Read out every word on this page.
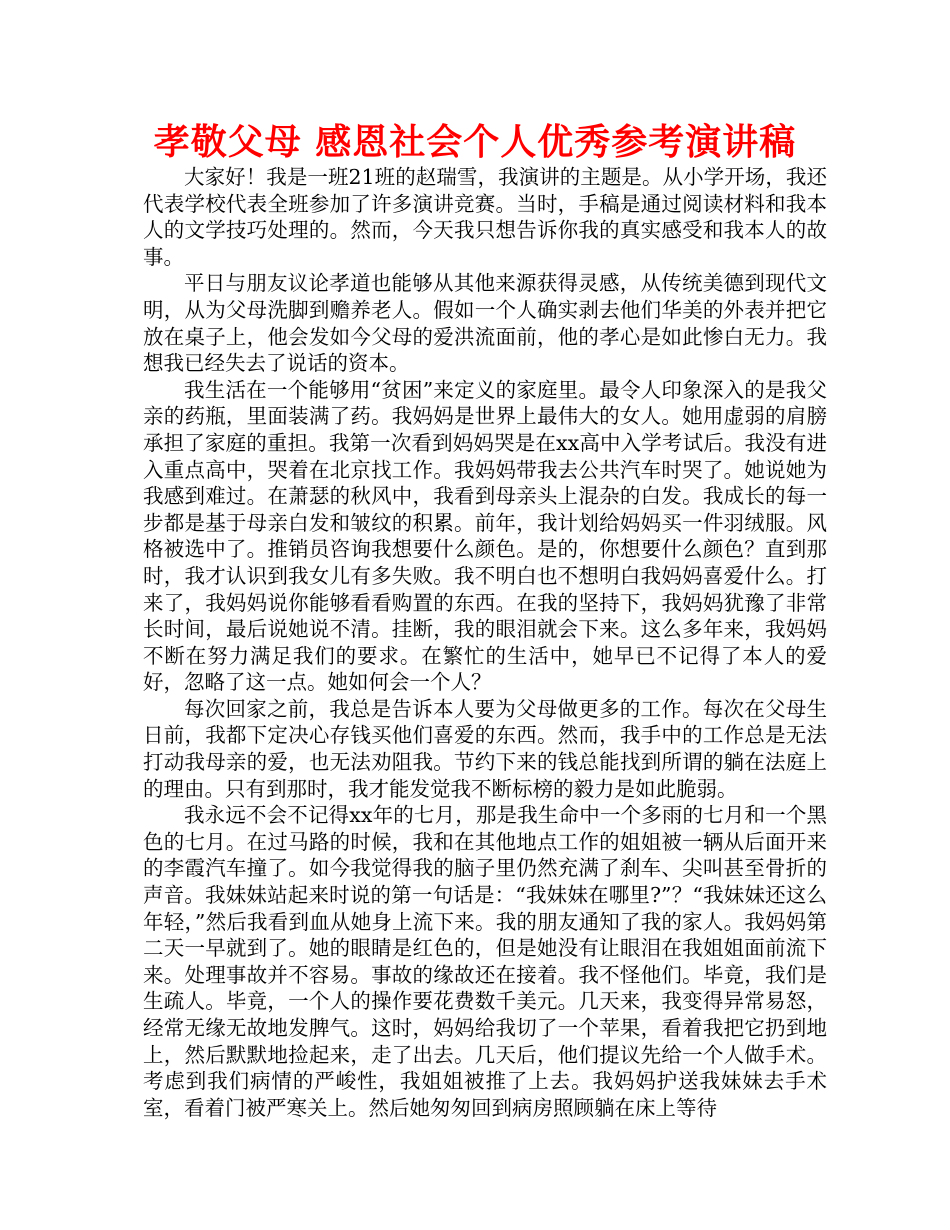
孝敬父母 感恩社会个人优秀参考演讲稿

大家好！我是一班21班的赵瑞雪，我演讲的主题是。从小学开场，我还代表学校代表全班参加了许多演讲竞赛。当时，手稿是通过阅读材料和我本人的文学技巧处理的。然而，今天我只想告诉你我的真实感受和我本人的故事。

平日与朋友议论孝道也能够从其他来源获得灵感，从传统美德到现代文明，从为父母洗脚到赡养老人。假如一个人确实剥去他们华美的外表并把它放在桌子上，他会发如今父母的爱洪流面前，他的孝心是如此惨白无力。我想我已经失去了说话的资本。

我生活在一个能够用“贫困”来定义的家庭里。最令人印象深入的是我父亲的药瓶，里面装满了药。我妈妈是世界上最伟大的女人。她用虚弱的肩膀承担了家庭的重担。我第一次看到妈妈哭是在xx高中入学考试后。我没有进入重点高中，哭着在北京找工作。我妈妈带我去公共汽车时哭了。她说她为我感到难过。在萧瑟的秋风中，我看到母亲头上混杂的白发。我成长的每一步都是基于母亲白发和皱纹的积累。前年，我计划给妈妈买一件羽绒服。风格被选中了。推销员咨询我想要什么颜色。是的，你想要什么颜色？直到那时，我才认识到我女儿有多失败。我不明白也不想明白我妈妈喜爱什么。打来了，我妈妈说你能够看看购置的东西。在我的坚持下，我妈妈犹豫了非常长时间，最后说她说不清。挂断，我的眼泪就会下来。这么多年来，我妈妈不断在努力满足我们的要求。在繁忙的生活中，她早已不记得了本人的爱好，忽略了这一点。她如何会一个人？

每次回家之前，我总是告诉本人要为父母做更多的工作。每次在父母生日前，我都下定决心存钱买他们喜爱的东西。然而，我手中的工作总是无法打动我母亲的爱，也无法劝阻我。节约下来的钱总能找到所谓的躺在法庭上的理由。只有到那时，我才能发觉我不断标榜的毅力是如此脆弱。

我永远不会不记得xx年的七月，那是我生命中一个多雨的七月和一个黑色的七月。在过马路的时候，我和在其他地点工作的姐姐被一辆从后面开来的李霞汽车撞了。如今我觉得我的脑子里仍然充满了刹车、尖叫甚至骨折的声音。我妹妹站起来时说的第一句话是：“我妹妹在哪里?”？“我妹妹还这么年轻，”然后我看到血从她身上流下来。我的朋友通知了我的家人。我妈妈第二天一早就到了。她的眼睛是红色的，但是她没有让眼泪在我姐姐面前流下来。处理事故并不容易。事故的缘故还在接着。我不怪他们。毕竟，我们是生疏人。毕竟，一个人的操作要花费数千美元。几天来，我变得异常易怒，经常无缘无故地发脾气。这时，妈妈给我切了一个苹果，看着我把它扔到地上，然后默默地捡起来，走了出去。几天后，他们提议先给一个人做手术。考虑到我们病情的严峻性，我姐姐被推了上去。我妈妈护送我妹妹去手术室，看着门被严寒关上。然后她匆匆回到病房照顾躺在床上等待
